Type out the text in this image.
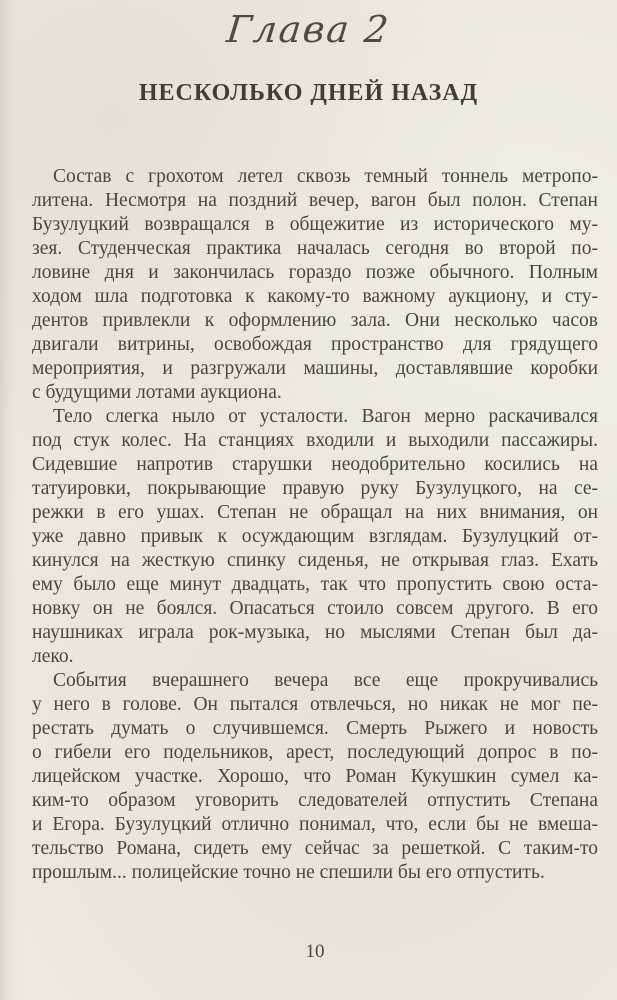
Глава 2
НЕСКОЛЬКО ДНЕЙ НАЗАД
Состав с грохотом летел сквозь темный тоннель метропо-
литена. Несмотря на поздний вечер, вагон был полон. Степан
Бузулуцкий возвращался в общежитие из исторического му-
зея. Студенческая практика началась сегодня во второй по-
ловине дня и закончилась гораздо позже обычного. Полным
ходом шла подготовка к какому-то важному аукциону, и сту-
дентов привлекли к оформлению зала. Они несколько часов
двигали витрины, освобождая пространство для грядущего
мероприятия, и разгружали машины, доставлявшие коробки
с будущими лотами аукциона.
Тело слегка ныло от усталости. Вагон мерно раскачивался
под стук колес. На станциях входили и выходили пассажиры.
Сидевшие напротив старушки неодобрительно косились на
татуировки, покрывающие правую руку Бузулуцкого, на се-
режки в его ушах. Степан не обращал на них внимания, он
уже давно привык к осуждающим взглядам. Бузулуцкий от-
кинулся на жесткую спинку сиденья, не открывая глаз. Ехать
ему было еще минут двадцать, так что пропустить свою оста-
новку он не боялся. Опасаться стоило совсем другого. В его
наушниках играла рок-музыка, но мыслями Степан был да-
леко.
События вчерашнего вечера все еще прокручивались
у него в голове. Он пытался отвлечься, но никак не мог пе-
рестать думать о случившемся. Смерть Рыжего и новость
о гибели его подельников, арест, последующий допрос в по-
лицейском участке. Хорошо, что Роман Кукушкин сумел ка-
ким-то образом уговорить следователей отпустить Степана
и Егора. Бузулуцкий отлично понимал, что, если бы не вмеша-
тельство Романа, сидеть ему сейчас за решеткой. С таким-то
прошлым... полицейские точно не спешили бы его отпустить.
10
